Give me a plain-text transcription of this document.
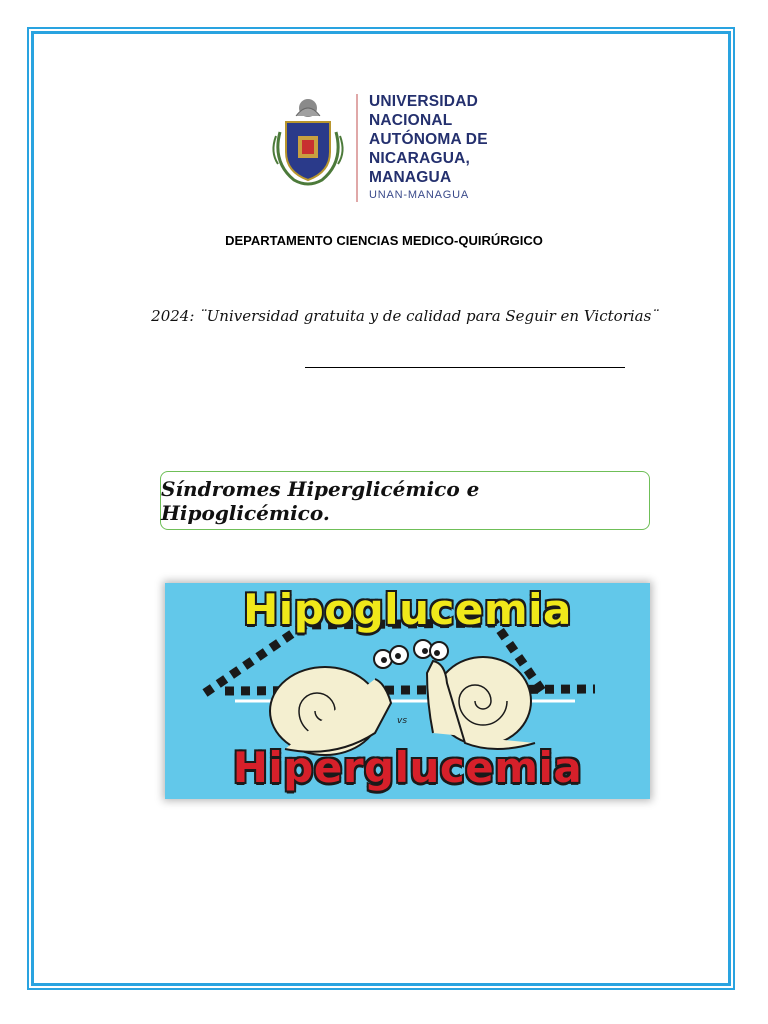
UNIVERSIDAD
NACIONAL
AUTÓNOMA DE
NICARAGUA,
MANAGUA
UNAN-MANAGUA
DEPARTAMENTO CIENCIAS MEDICO-QUIRÚRGICO
2024: ¨Universidad gratuita y de calidad para Seguir en Victorias¨
Síndromes Hiperglicémico e Hipoglicémico.
vs
Hipoglucemia
Hiperglucemia
